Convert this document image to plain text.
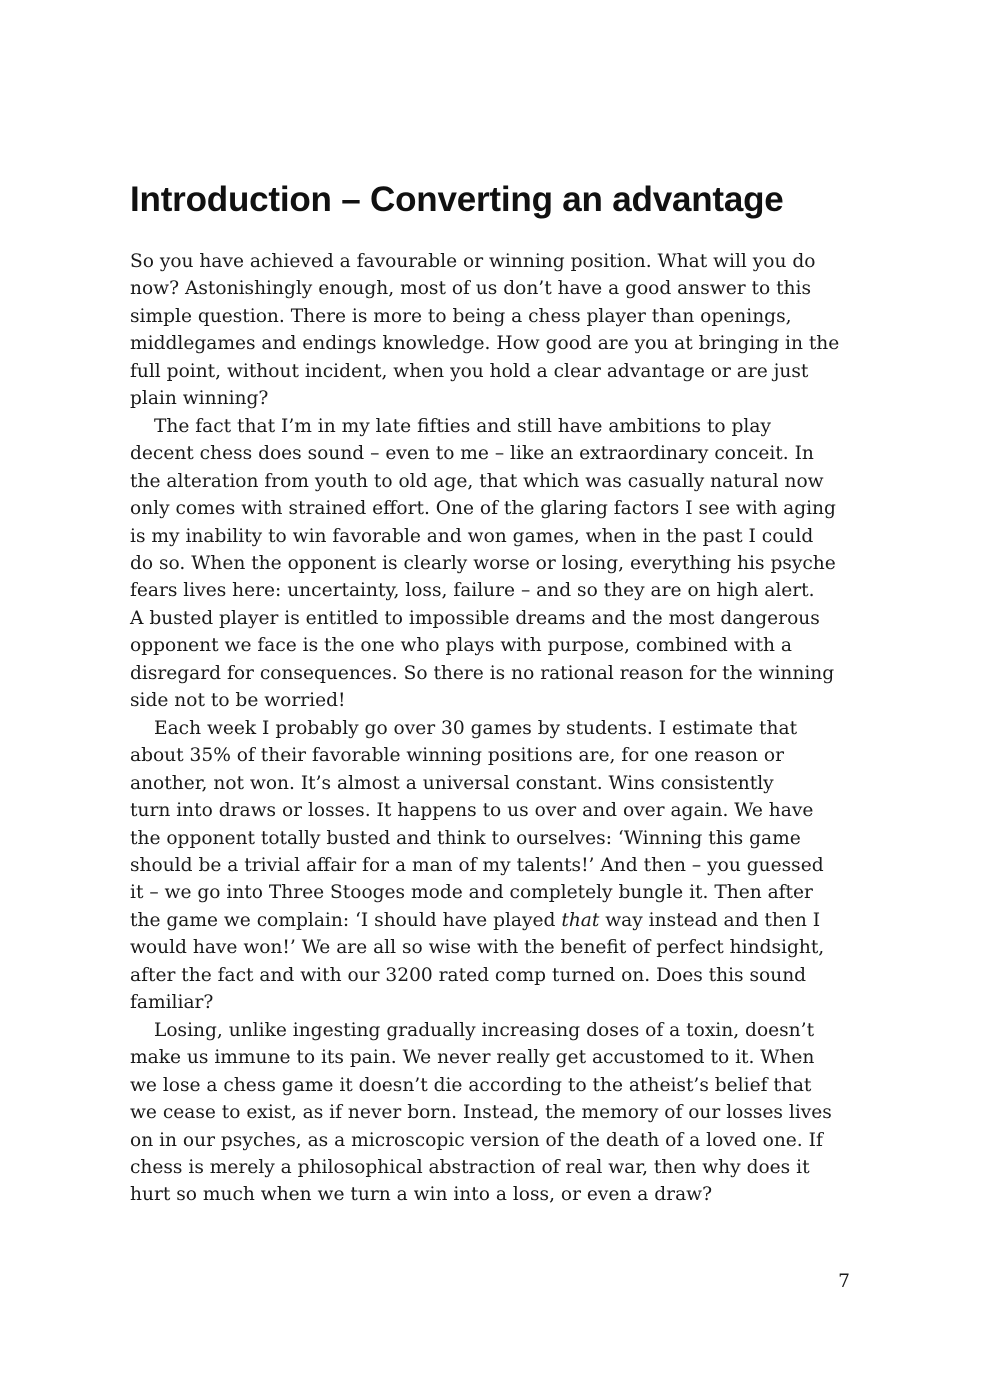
Introduction – Converting an advantage

So you have achieved a favourable or winning position. What will you do
now? Astonishingly enough, most of us don’t have a good answer to this
simple question. There is more to being a chess player than openings,
middlegames and endings knowledge. How good are you at bringing in the
full point, without incident, when you hold a clear advantage or are just
plain winning?

The fact that I’m in my late fifties and still have ambitions to play
decent chess does sound – even to me – like an extraordinary conceit. In
the alteration from youth to old age, that which was casually natural now
only comes with strained effort. One of the glaring factors I see with aging
is my inability to win favorable and won games, when in the past I could
do so. When the opponent is clearly worse or losing, everything his psyche
fears lives here: uncertainty, loss, failure – and so they are on high alert.
A busted player is entitled to impossible dreams and the most dangerous
opponent we face is the one who plays with purpose, combined with a
disregard for consequences. So there is no rational reason for the winning
side not to be worried!

Each week I probably go over 30 games by students. I estimate that
about 35% of their favorable winning positions are, for one reason or
another, not won. It’s almost a universal constant. Wins consistently
turn into draws or losses. It happens to us over and over again. We have
the opponent totally busted and think to ourselves: ‘Winning this game
should be a trivial affair for a man of my talents!’ And then – you guessed
it – we go into Three Stooges mode and completely bungle it. Then after
the game we complain: ‘I should have played that way instead and then I
would have won!’ We are all so wise with the benefit of perfect hindsight,
after the fact and with our 3200 rated comp turned on. Does this sound
familiar?

Losing, unlike ingesting gradually increasing doses of a toxin, doesn’t
make us immune to its pain. We never really get accustomed to it. When
we lose a chess game it doesn’t die according to the atheist’s belief that
we cease to exist, as if never born. Instead, the memory of our losses lives
on in our psyches, as a microscopic version of the death of a loved one. If
chess is merely a philosophical abstraction of real war, then why does it
hurt so much when we turn a win into a loss, or even a draw?

7
